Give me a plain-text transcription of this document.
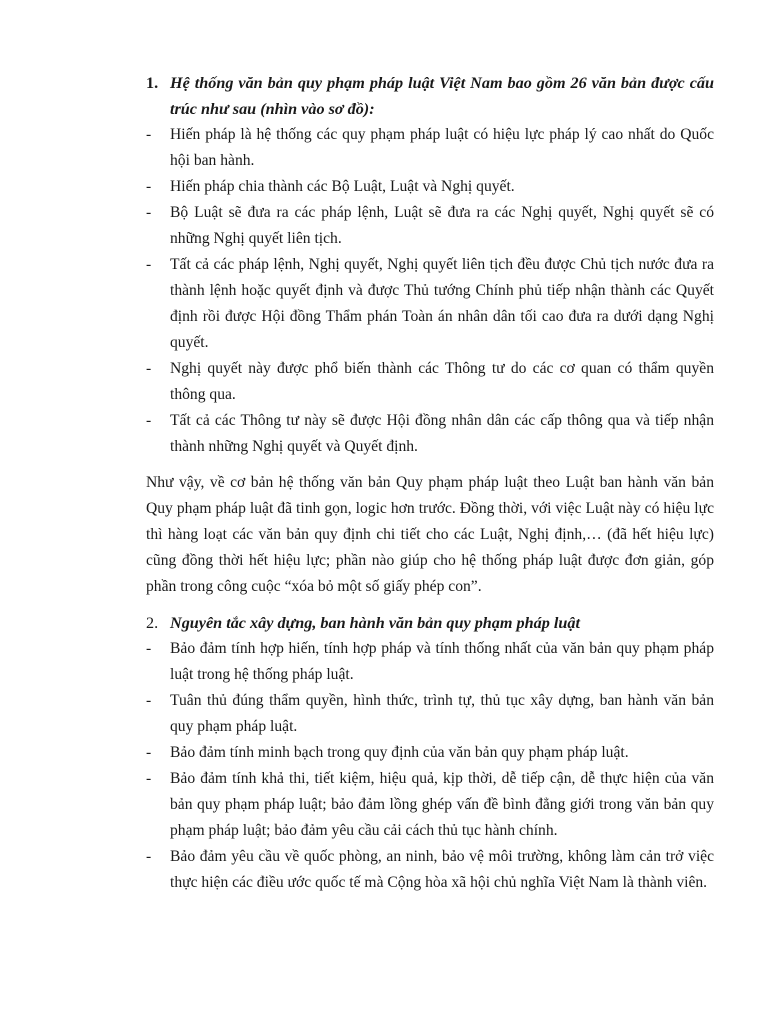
1. Hệ thống văn bản quy phạm pháp luật Việt Nam bao gồm 26 văn bản được cấu trúc như sau (nhìn vào sơ đồ):
-	Hiến pháp là hệ thống các quy phạm pháp luật có hiệu lực pháp lý cao nhất do Quốc hội ban hành.
-	Hiến pháp chia thành các Bộ Luật, Luật và Nghị quyết.
-	Bộ Luật sẽ đưa ra các pháp lệnh, Luật sẽ đưa ra các Nghị quyết, Nghị quyết sẽ có những Nghị quyết liên tịch.
-	Tất cả các pháp lệnh, Nghị quyết, Nghị quyết liên tịch đều được Chủ tịch nước đưa ra thành lệnh hoặc quyết định và được Thủ tướng Chính phủ tiếp nhận thành các Quyết định rồi được Hội đồng Thẩm phán Toàn án nhân dân tối cao đưa ra dưới dạng Nghị quyết.
-	Nghị quyết này được phổ biến thành các Thông tư do các cơ quan có thẩm quyền thông qua.
-	Tất cả các Thông tư này sẽ được Hội đồng nhân dân các cấp thông qua và tiếp nhận thành những Nghị quyết và Quyết định.

Như vậy, về cơ bản hệ thống văn bản Quy phạm pháp luật theo Luật ban hành văn bản Quy phạm pháp luật đã tinh gọn, logic hơn trước. Đồng thời, với việc Luật này có hiệu lực thì hàng loạt các văn bản quy định chi tiết cho các Luật, Nghị định,… (đã hết hiệu lực) cũng đồng thời hết hiệu lực; phần nào giúp cho hệ thống pháp luật được đơn giản, góp phần trong công cuộc “xóa bỏ một số giấy phép con”.

2. Nguyên tắc xây dựng, ban hành văn bản quy phạm pháp luật
-	Bảo đảm tính hợp hiến, tính hợp pháp và tính thống nhất của văn bản quy phạm pháp luật trong hệ thống pháp luật.
-	Tuân thủ đúng thẩm quyền, hình thức, trình tự, thủ tục xây dựng, ban hành văn bản quy phạm pháp luật.
-	Bảo đảm tính minh bạch trong quy định của văn bản quy phạm pháp luật.
-	Bảo đảm tính khả thi, tiết kiệm, hiệu quả, kịp thời, dễ tiếp cận, dễ thực hiện của văn bản quy phạm pháp luật; bảo đảm lồng ghép vấn đề bình đẳng giới trong văn bản quy phạm pháp luật; bảo đảm yêu cầu cải cách thủ tục hành chính.
-	Bảo đảm yêu cầu về quốc phòng, an ninh, bảo vệ môi trường, không làm cản trở việc thực hiện các điều ước quốc tế mà Cộng hòa xã hội chủ nghĩa Việt Nam là thành viên.
